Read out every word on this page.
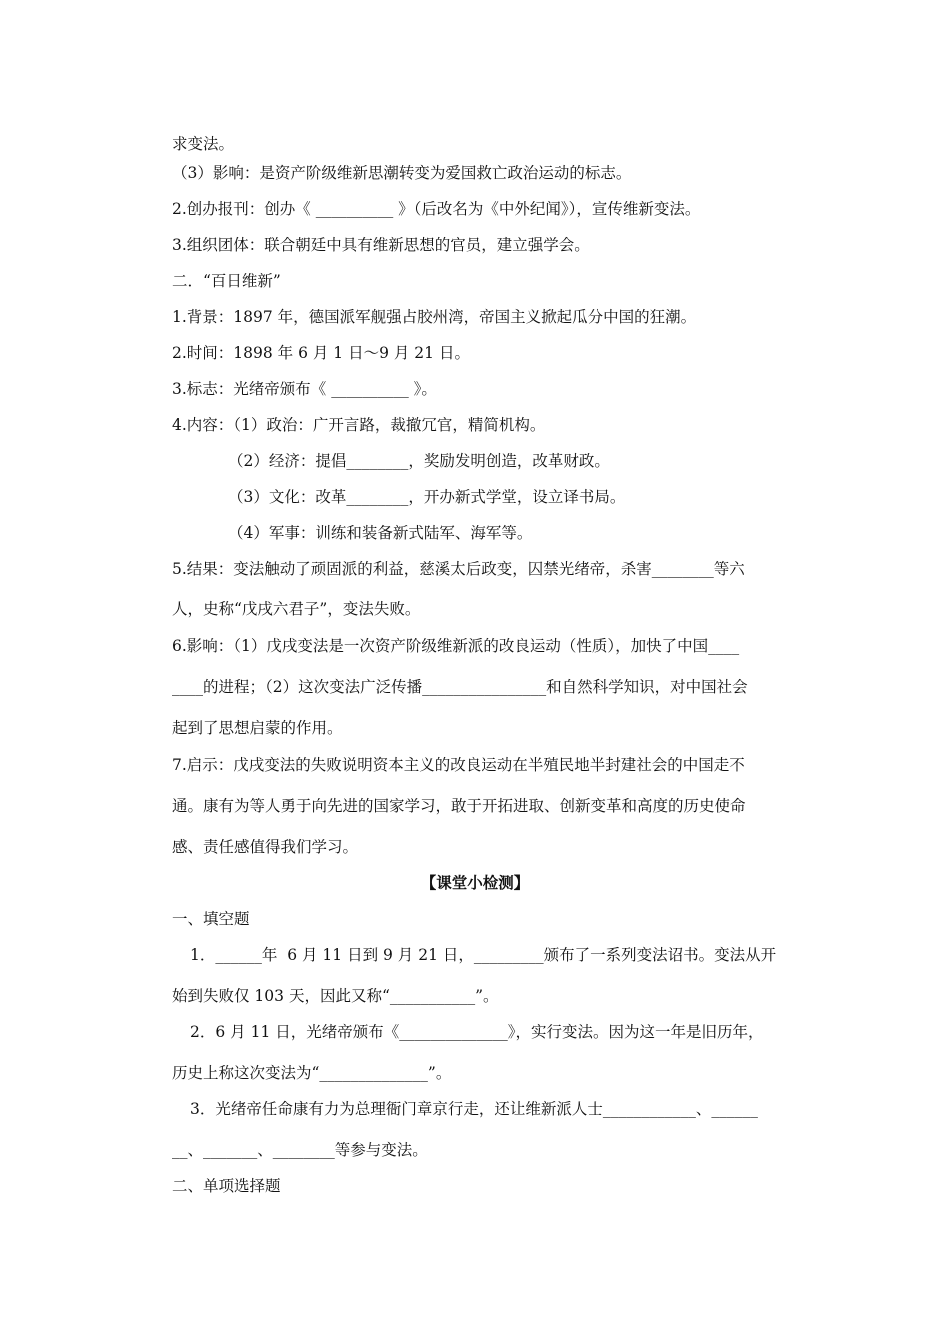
求变法。
（3）影响：是资产阶级维新思潮转变为爱国救亡政治运动的标志。
2.创办报刊：创办《 __________ 》（后改名为《中外纪闻》），宣传维新变法。
3.组织团体：联合朝廷中具有维新思想的官员，建立强学会。
二．“百日维新”
1.背景：1897 年，德国派军舰强占胶州湾，帝国主义掀起瓜分中国的狂潮。
2.时间：1898 年 6 月 1 日～9 月 21 日。
3.标志：光绪帝颁布《 __________ 》。
4.内容：（1）政治：广开言路，裁撤冗官，精简机构。
（2）经济：提倡________，奖励发明创造，改革财政。
（3）文化：改革________，开办新式学堂，设立译书局。
（4）军事：训练和装备新式陆军、海军等。
5.结果：变法触动了顽固派的利益，慈溪太后政变，囚禁光绪帝，杀害________等六
人，史称“戊戌六君子”，变法失败。
6.影响：（1）戊戌变法是一次资产阶级维新派的改良运动（性质），加快了中国____
____的进程；（2）这次变法广泛传播________________和自然科学知识，对中国社会
起到了思想启蒙的作用。
7.启示：戊戌变法的失败说明资本主义的改良运动在半殖民地半封建社会的中国走不
通。康有为等人勇于向先进的国家学习，敢于开拓进取、创新变革和高度的历史使命
感、责任感值得我们学习。
【课堂小检测】
一、填空题
1．______年  6 月 11 日到 9 月 21 日，_________颁布了一系列变法诏书。变法从开
始到失败仅 103 天，因此又称“___________”。
2．6 月 11 日，光绪帝颁布《______________》，实行变法。因为这一年是旧历年，
历史上称这次变法为“______________”。
3．光绪帝任命康有力为总理衙门章京行走，还让维新派人士____________、______
__、_______、________等参与变法。
二、单项选择题
